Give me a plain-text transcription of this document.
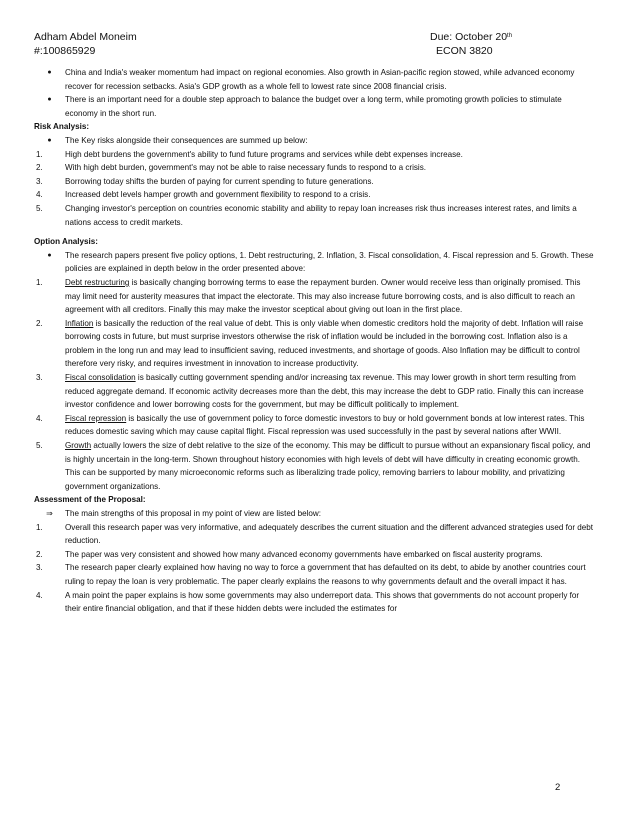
Adham Abdel Moneim
#:100865929
Due: October 20th
ECON 3820
●	China and India's weaker momentum had impact on regional economies. Also growth in Asian-pacific region stowed, while advanced economy recover for recession setbacks. Asia's GDP growth as a whole fell to lowest rate since 2008 financial crisis.
●	There is an important need for a double step approach to balance the budget over a long term, while promoting growth policies to stimulate economy in the short run.
Risk Analysis:
●	The Key risks alongside their consequences are summed up below:
1.	High debt burdens the government's ability to fund future programs and services while debt expenses increase.
2.	With high debt burden, government's may not be able to raise necessary funds to respond to a crisis.
3.	Borrowing today shifts the burden of paying for current spending to future generations.
4.	Increased debt levels hamper growth and government flexibility to respond to a crisis.
5.	Changing investor's perception on countries economic stability and ability to repay loan increases risk thus increases interest rates, and limits a nations access to credit markets.
Option Analysis:
●	The research papers present five policy options, 1. Debt restructuring, 2. Inflation, 3. Fiscal consolidation, 4. Fiscal repression and 5. Growth. These policies are explained in depth below in the order presented above:
1.	Debt restructuring is basically changing borrowing terms to ease the repayment burden. Owner would receive less than originally promised. This may limit need for austerity measures that impact the electorate. This may also increase future borrowing costs, and is also difficult to reach an agreement with all creditors. Finally this may make the investor sceptical about giving out loan in the first place.
2.	Inflation is basically the reduction of the real value of debt. This is only viable when domestic creditors hold the majority of debt. Inflation will raise borrowing costs in future, but must surprise investors otherwise the risk of inflation would be included in the borrowing cost. Inflation also is a problem in the long run and may lead to insufficient saving, reduced investments, and shortage of goods. Also Inflation may be difficult to control therefore very risky, and requires investment in innovation to increase productivity.
3.	Fiscal consolidation is basically cutting government spending and/or increasing tax revenue. This may lower growth in short term resulting from reduced aggregate demand. If economic activity decreases more than the debt, this may increase the debt to GDP ratio. Finally this can increase investor confidence and lower borrowing costs for the government, but may be difficult politically to implement.
4.	Fiscal repression is basically the use of government policy to force domestic investors to buy or hold government bonds at low interest rates. This reduces domestic saving which may cause capital flight. Fiscal repression was used successfully in the past by several nations after WWII.
5.	Growth actually lowers the size of debt relative to the size of the economy. This may be difficult to pursue without an expansionary fiscal policy, and is highly uncertain in the long-term. Shown throughout history economies with high levels of debt will have difficulty in creating economic growth. This can be supported by many microeconomic reforms such as liberalizing trade policy, removing barriers to labour mobility, and privatizing government organizations.
Assessment of the Proposal:
⇒	The main strengths of this proposal in my point of view are listed below:
1.	Overall this research paper was very informative, and adequately describes the current situation and the different advanced strategies used for debt reduction.
2.	The paper was very consistent and showed how many advanced economy governments have embarked on fiscal austerity programs.
3.	The research paper clearly explained how having no way to force a government that has defaulted on its debt, to abide by another countries court ruling to repay the loan is very problematic. The paper clearly explains the reasons to why governments default and the overall impact it has.
4.	A main point the paper explains is how some governments may also underreport data. This shows that governments do not account properly for their entire financial obligation, and that if these hidden debts were included the estimates for
2
